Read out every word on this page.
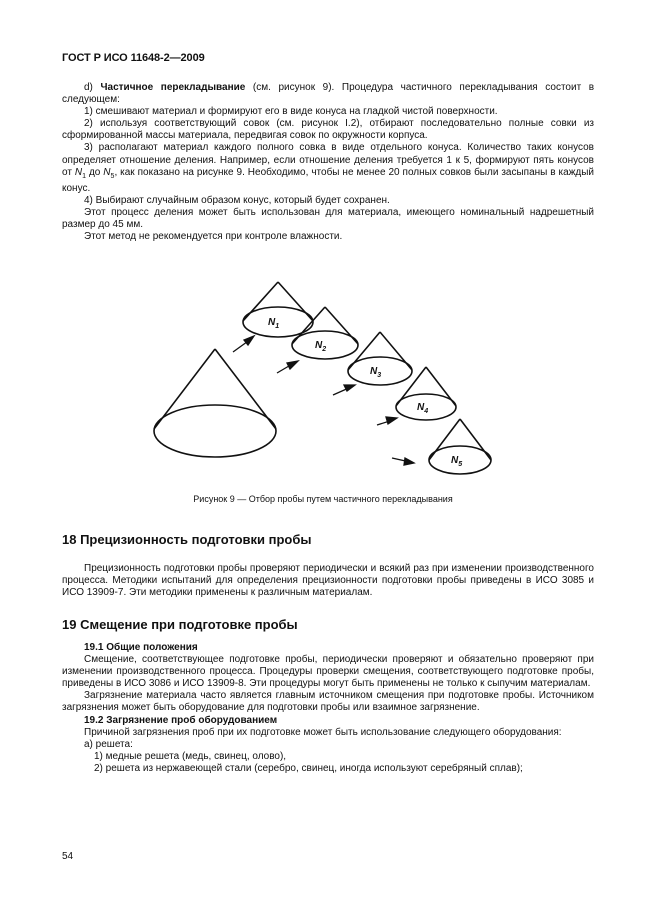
ГОСТ Р ИСО 11648-2—2009

d) Частичное перекладывание (см. рисунок 9). Процедура частичного перекладывания состоит в следующем:

1) смешивают материал и формируют его в виде конуса на гладкой чистой поверхности.

2) используя соответствующий совок (см. рисунок I.2), отбирают последовательно полные совки из сформированной массы материала, передвигая совок по окружности корпуса.

3) располагают материал каждого полного совка в виде отдельного конуса. Количество таких конусов определяет отношение деления. Например, если отношение деления требуется 1 к 5, формируют пять конусов от $N_1$ до $N_5$, как показано на рисунке 9. Необходимо, чтобы не менее 20 полных совков были засыпаны в каждый конус.

4) Выбирают случайным образом конус, который будет сохранен.

Этот процесс деления может быть использован для материала, имеющего номинальный надрешетный размер до 45 мм.

Этот метод не рекомендуется при контроле влажности.

$N_1$
$N_2$
$N_3$
$N_4$
$N_5$
Рисунок 9 — Отбор пробы путем частичного перекладывания

18 Прецизионность подготовки пробы

Прецизионность подготовки пробы проверяют периодически и всякий раз при изменении производственного процесса. Методики испытаний для определения прецизионности подготовки пробы приведены в ИСО 3085 и ИСО 13909-7. Эти методики применены к различным материалам.

19 Смещение при подготовке пробы

19.1 Общие положения

Смещение, соответствующее подготовке пробы, периодически проверяют и обязательно проверяют при изменении производственного процесса. Процедуры проверки смещения, соответствующего подготовке пробы, приведены в ИСО 3086 и ИСО 13909-8. Эти процедуры могут быть применены не только к сыпучим материалам.

Загрязнение материала часто является главным источником смещения при подготовке пробы. Источником загрязнения может быть оборудование для подготовки пробы или взаимное загрязнение.

19.2 Загрязнение проб оборудованием

Причиной загрязнения проб при их подготовке может быть использование следующего оборудования:

а) решета:

1) медные решета (медь, свинец, олово),

2) решета из нержавеющей стали (серебро, свинец, иногда используют серебряный сплав);

54
